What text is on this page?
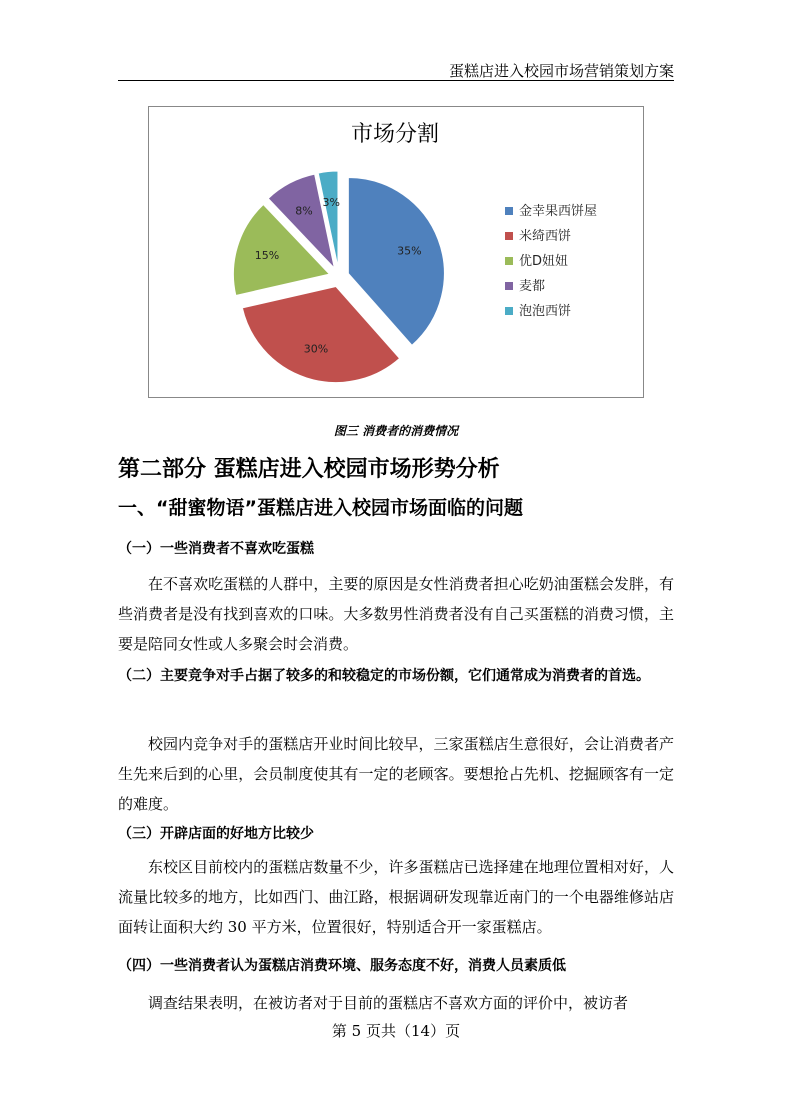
蛋糕店进入校园市场营销策划方案
市场分割
35%
30%
15%
8%
3%
金幸果西饼屋
米绮西饼
优D妞妞
麦都
泡泡西饼
图三 消费者的消费情况
第二部分 蛋糕店进入校园市场形势分析
一、“甜蜜物语”蛋糕店进入校园市场面临的问题
（一）一些消费者不喜欢吃蛋糕
在不喜欢吃蛋糕的人群中，主要的原因是女性消费者担心吃奶油蛋糕会发胖，有些消费者是没有找到喜欢的口味。大多数男性消费者没有自己买蛋糕的消费习惯，主要是陪同女性或人多聚会时会消费。
（二）主要竞争对手占据了较多的和较稳定的市场份额，它们通常成为消费者的首选。
校园内竞争对手的蛋糕店开业时间比较早，三家蛋糕店生意很好，会让消费者产生先来后到的心里，会员制度使其有一定的老顾客。要想抢占先机、挖掘顾客有一定的难度。
（三）开辟店面的好地方比较少
东校区目前校内的蛋糕店数量不少，许多蛋糕店已选择建在地理位置相对好，人流量比较多的地方，比如西门、曲江路，根据调研发现靠近南门的一个电器维修站店面转让面积大约 30 平方米，位置很好，特别适合开一家蛋糕店。
（四）一些消费者认为蛋糕店消费环境、服务态度不好，消费人员素质低
调查结果表明，在被访者对于目前的蛋糕店不喜欢方面的评价中，被访者
第 5 页共（14）页
